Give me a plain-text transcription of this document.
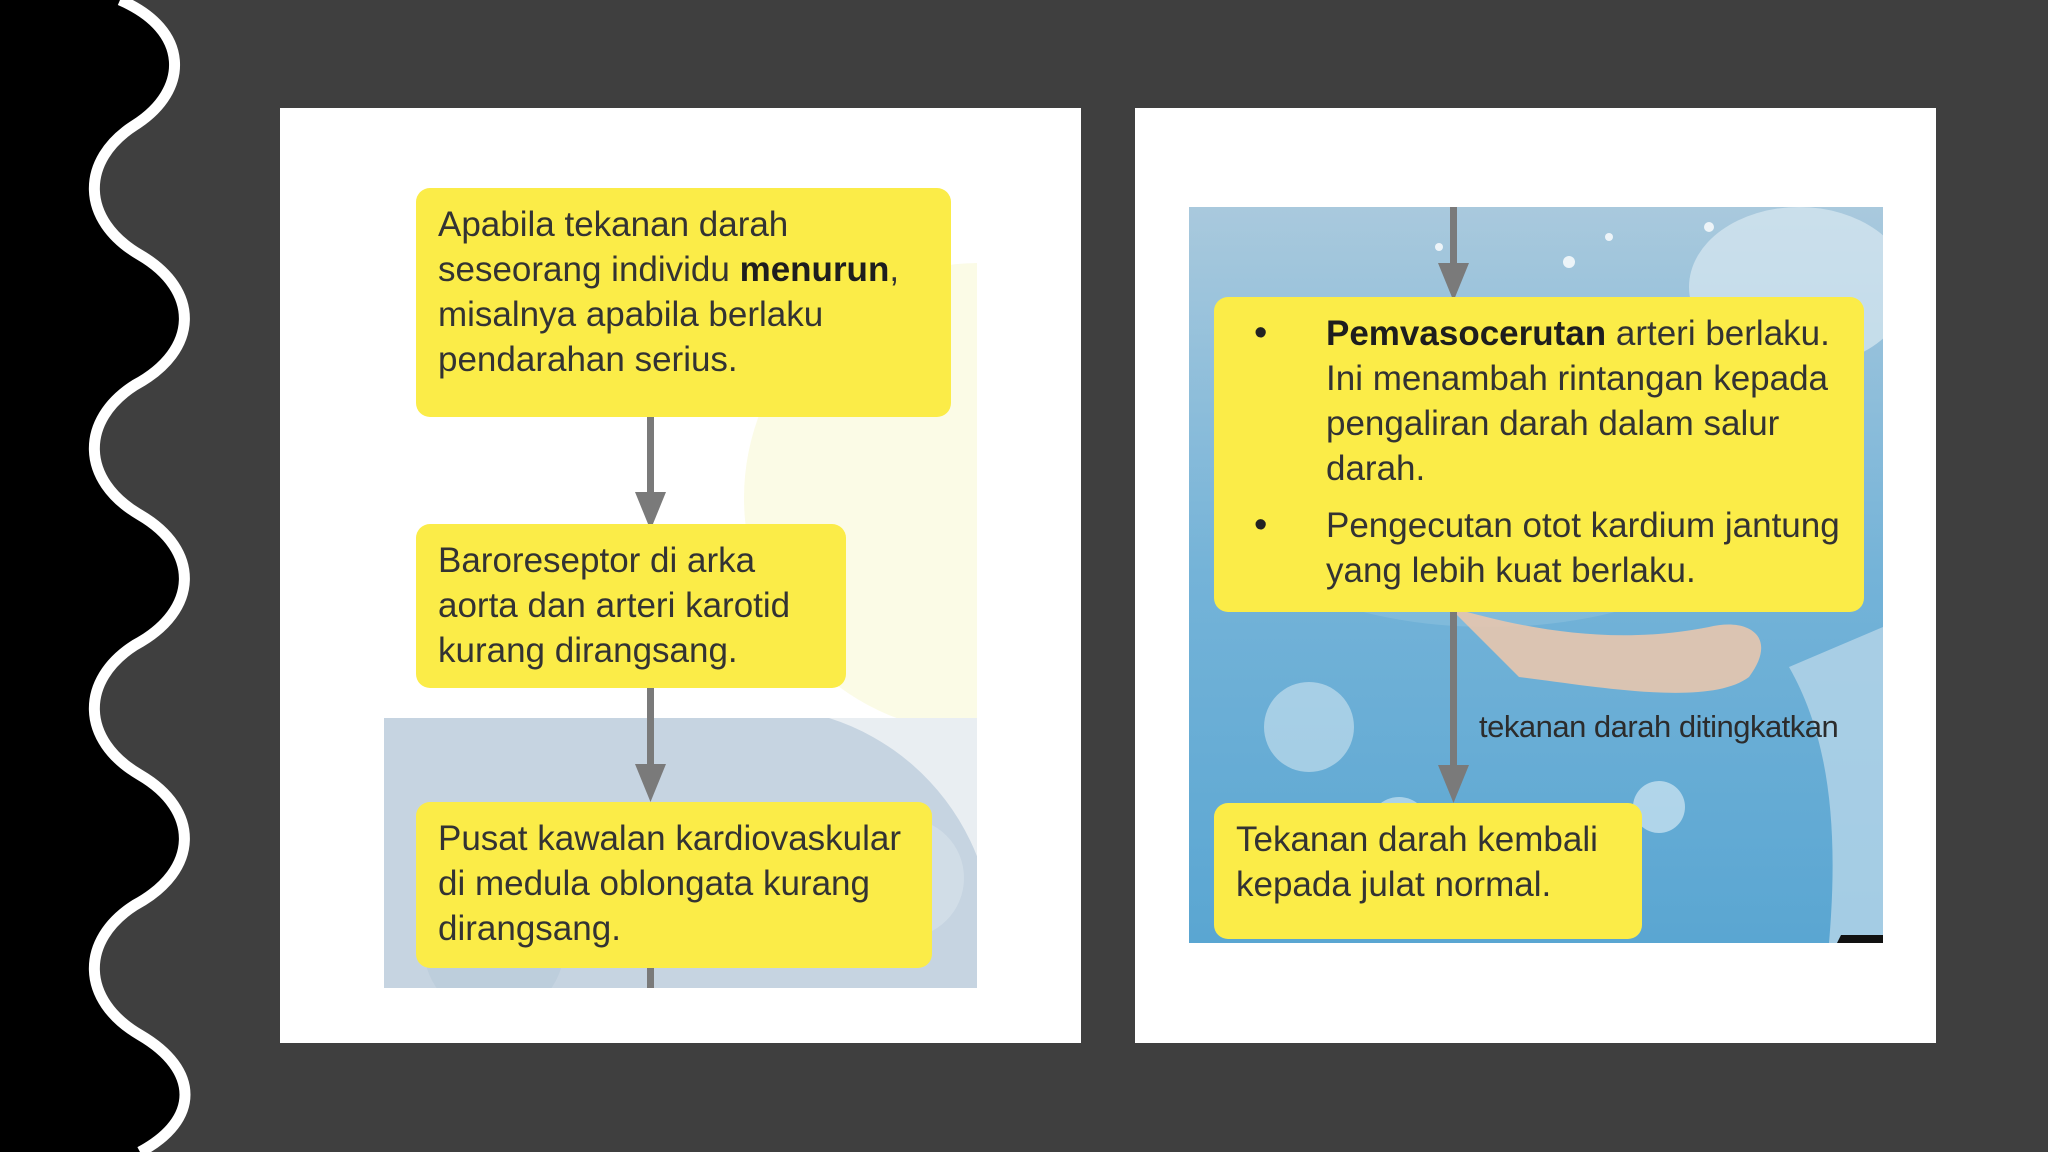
Apabila tekanan darah seseorang individu menurun, misalnya apabila berlaku pendarahan serius.

Baroreseptor di arka aorta dan arteri karotid kurang dirangsang.

Pusat kawalan kardiovaskular di medula oblongata kurang dirangsang.

• Pemvasocerutan arteri berlaku. Ini menambah rintangan kepada pengaliran darah dalam salur darah.
• Pengecutan otot kardium jantung yang lebih kuat berlaku.
tekanan darah ditingkatkan

Tekanan darah kembali kepada julat normal.
